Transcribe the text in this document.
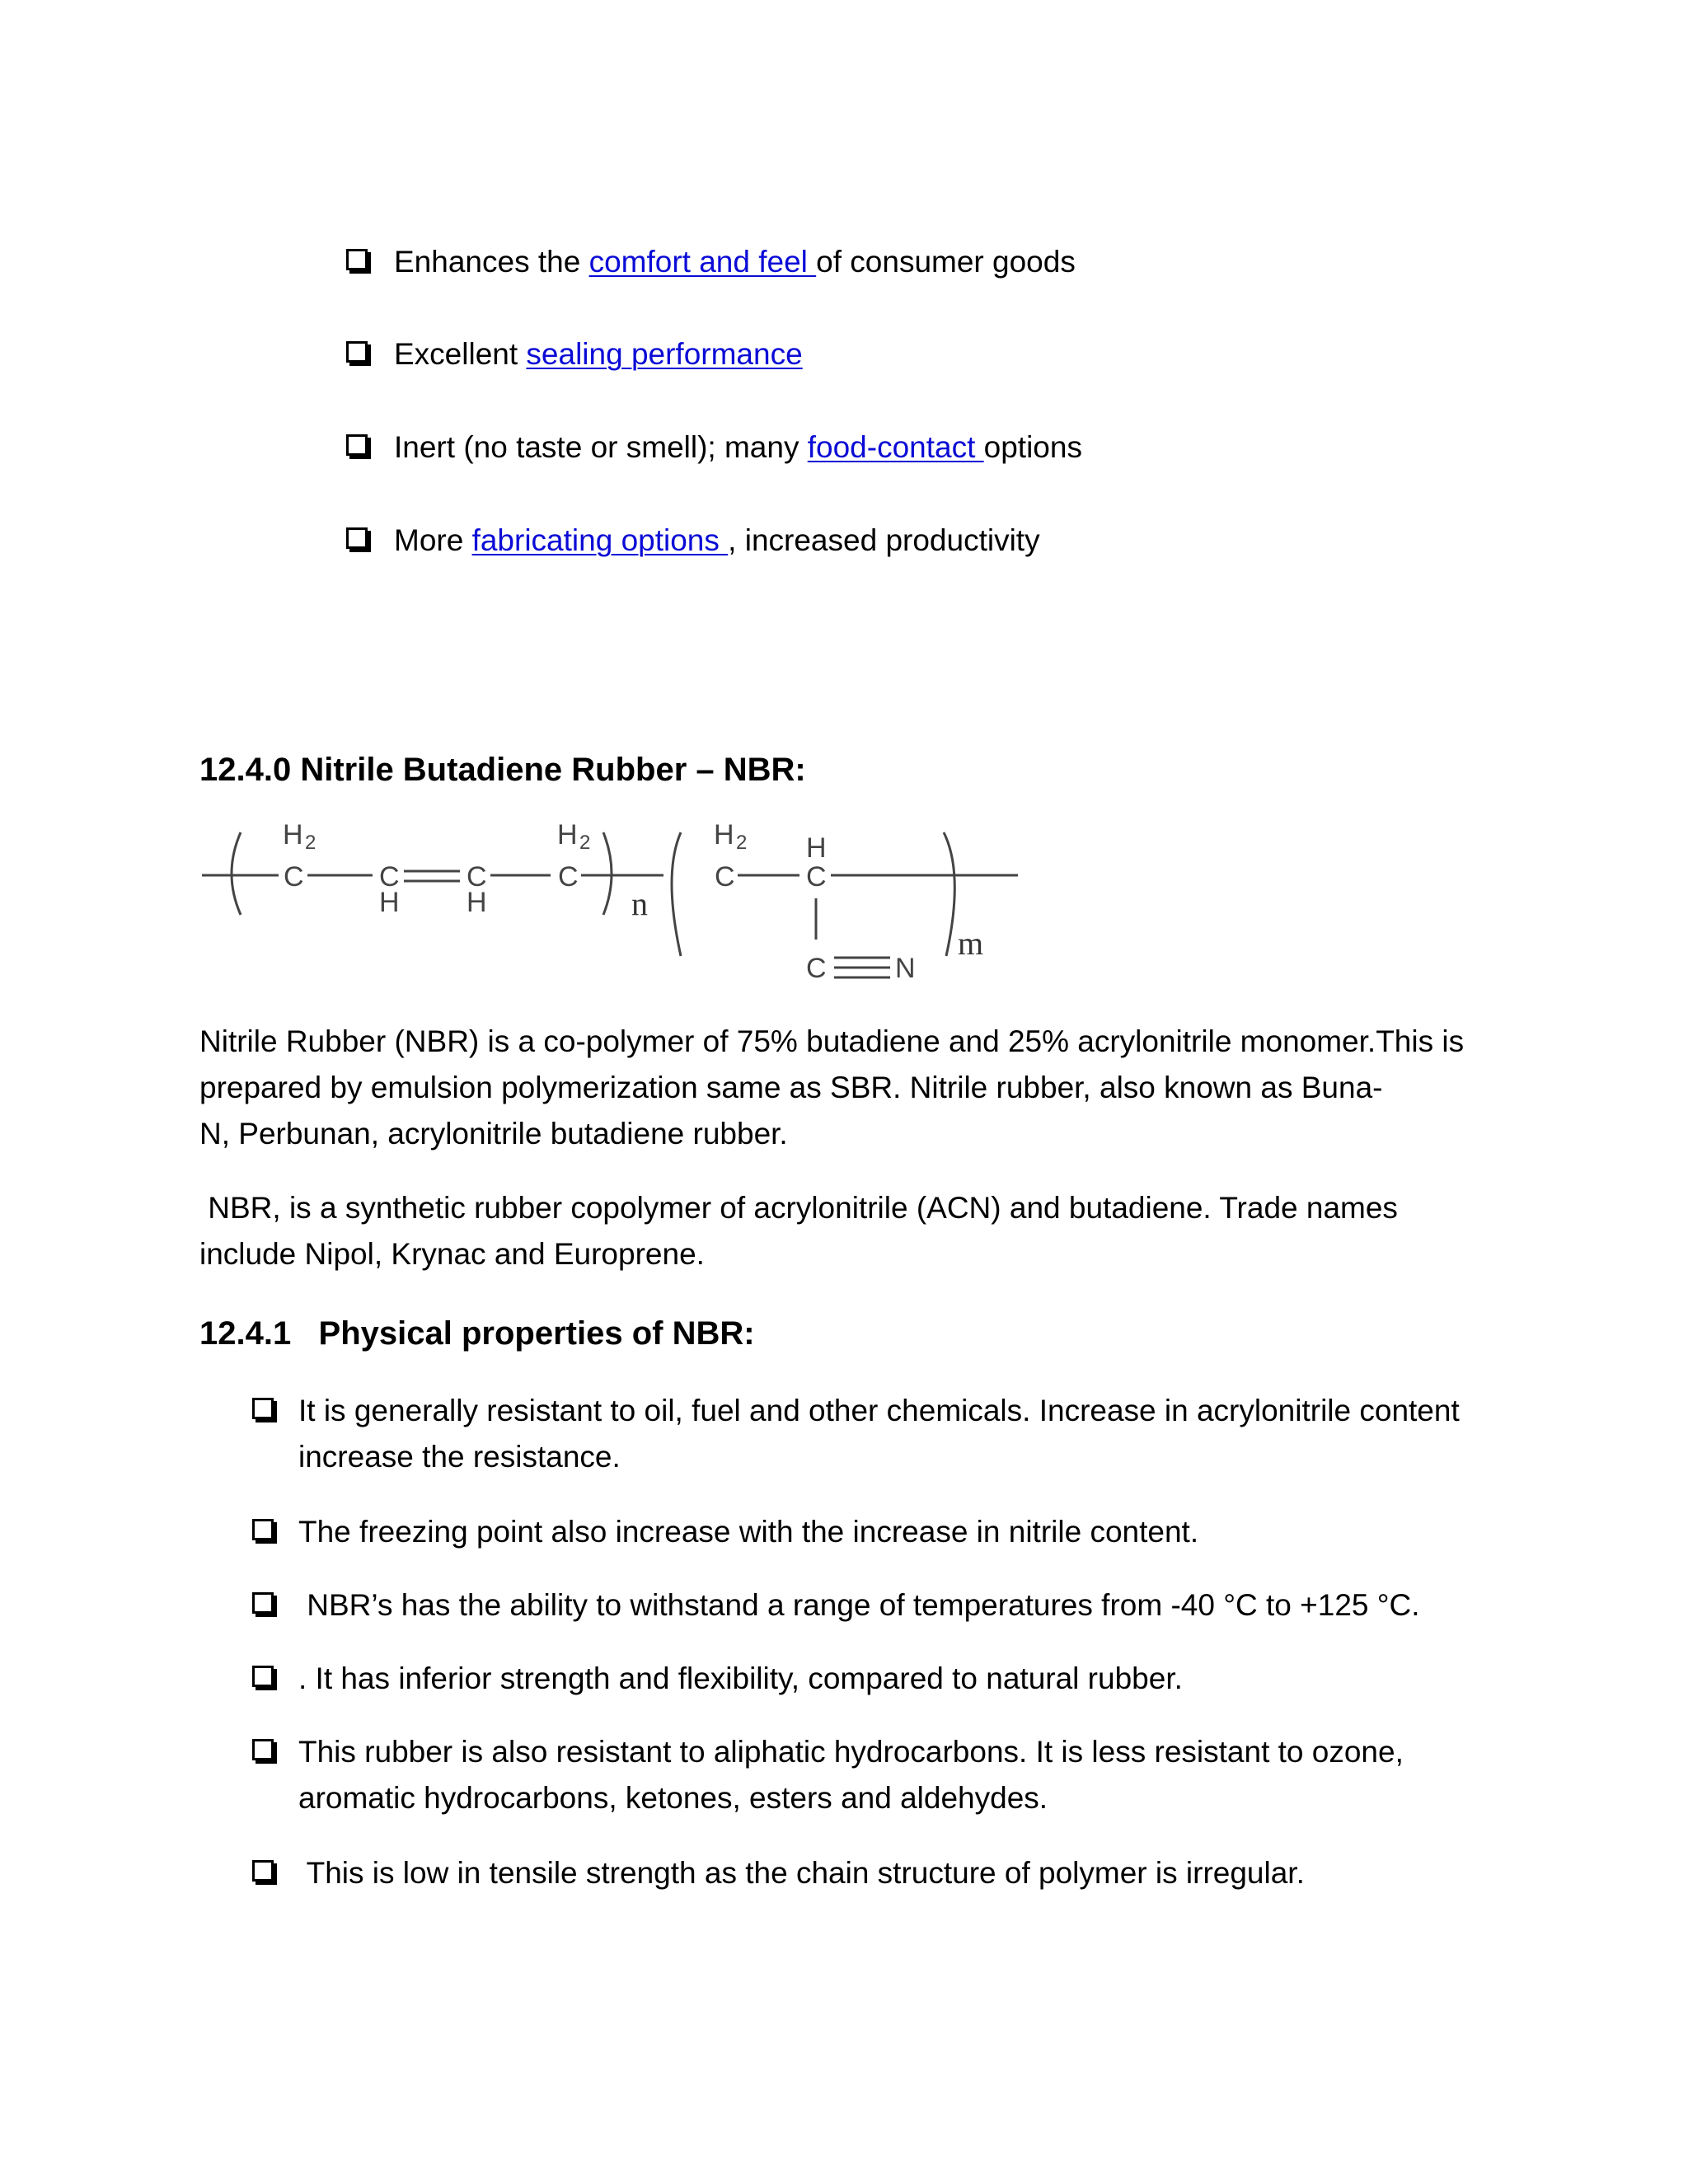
Enhances the comfort and feel of consumer goods
Excellent sealing performance
Inert (no taste or smell); many food-contact options
More fabricating options , increased productivity
12.4.0 Nitrile Butadiene Rubber – NBR:
H 2
C	C
H
C
H
H 2
C
H 2
C
H
C
C N
n
m
Nitrile Rubber (NBR) is a co-polymer of 75% butadiene and 25% acrylonitrile monomer.This is
prepared by emulsion polymerization same as SBR. Nitrile rubber, also known as Buna-
N, Perbunan, acrylonitrile butadiene rubber.
NBR, is a synthetic rubber copolymer of acrylonitrile (ACN) and butadiene. Trade names
include Nipol, Krynac and Europrene.
12.4.1   Physical properties of NBR:
It is generally resistant to oil, fuel and other chemicals. Increase in acrylonitrile content
increase the resistance.
The freezing point also increase with the increase in nitrile content.
NBR’s has the ability to withstand a range of temperatures from -40 °C to +125 °C.
. It has inferior strength and flexibility, compared to natural rubber.
This rubber is also resistant to aliphatic hydrocarbons. It is less resistant to ozone,
aromatic hydrocarbons, ketones, esters and aldehydes.
This is low in tensile strength as the chain structure of polymer is irregular.
